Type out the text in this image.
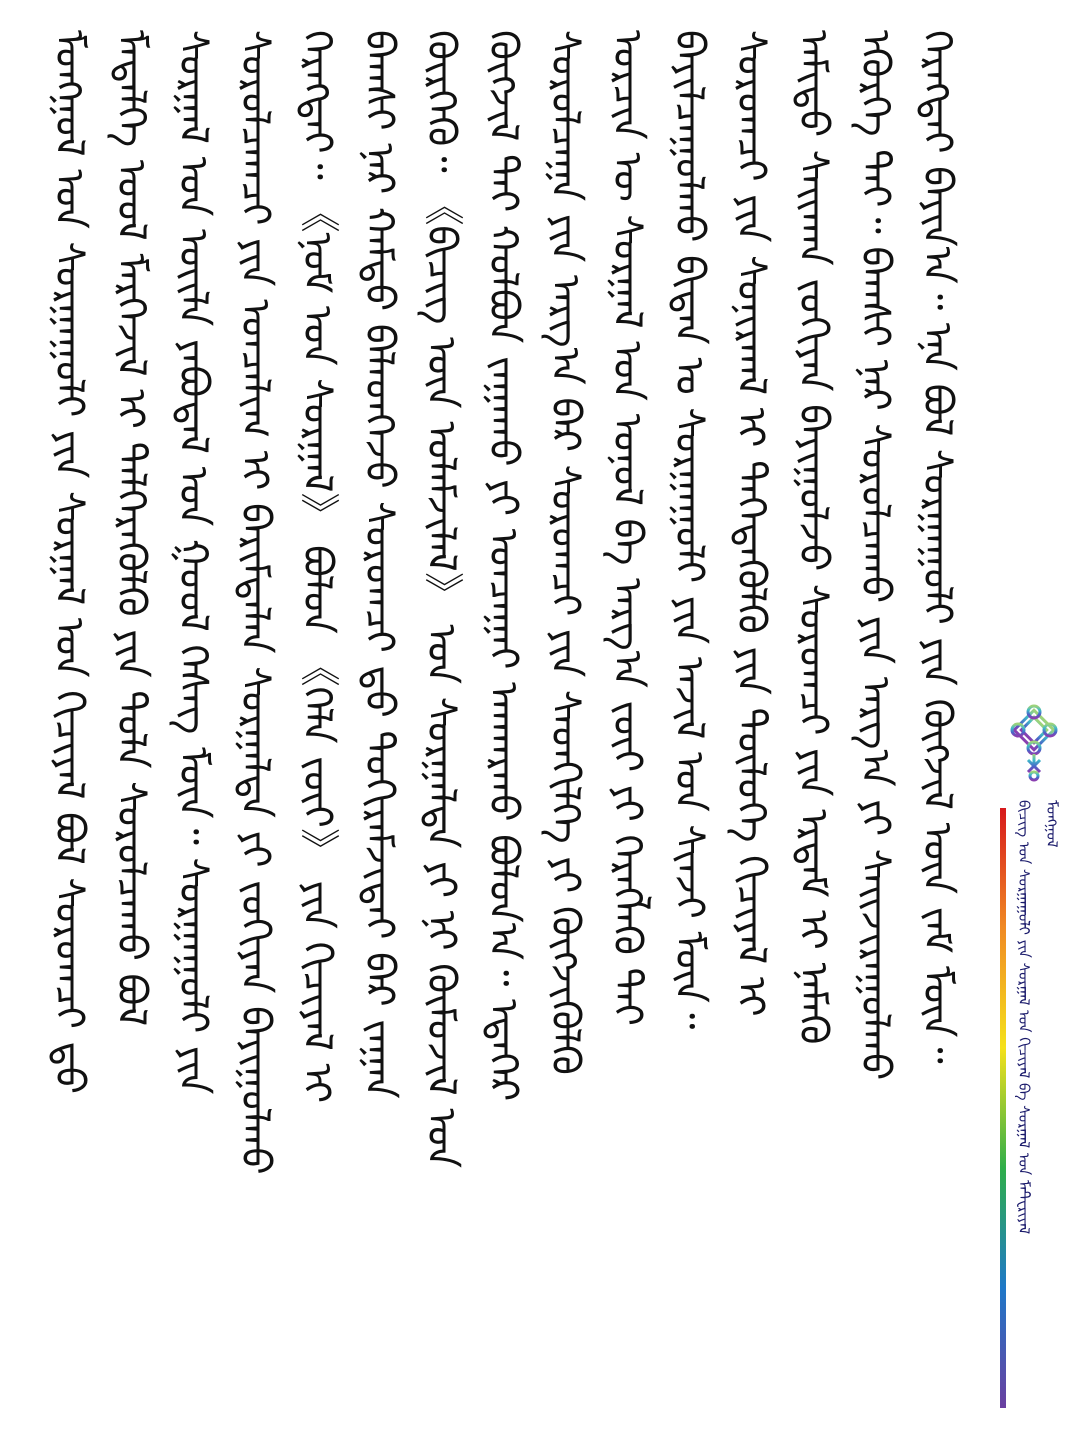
ᠮᠣᠩᠭᠣᠯ
ᠪᠢᠴᠢᠭ ᠤᠨ ᠰᠤᠷᠭᠠᠭᠤᠯᠢ ᠶᠢᠨ ᠰᠤᠷᠭᠠᠯ ᠤᠨ ᠬᠢᠴᠢᠶᠡᠯ ᠪᠠ ᠰᠤᠷᠭᠠᠯ ᠤᠨ ᠮᠠᠲ᠋ᠧᠷᠢᠶᠠᠯ
ᠮᠣᠩᠭᠣᠯ ᠤᠨ ᠰᠤᠷᠭᠠᠭᠤᠯᠢ ᠶᠢᠨ ᠰᠤᠷᠭᠠᠯ ᠤᠨ ᠬᠢᠴᠢᠶᠡᠯ ᠪᠣᠯ ᠰᠤᠷᠤᠭᠴᠢ ᠳ᠋ᠤ ᠮᠡᠳᠡᠯᠭᠡ ᠤᠤᠯ ᠮᠡᠷᠭᠡᠵᠢᠯ ᠢ ᠲᠡᠯᠭᠡᠷᠡᠭᠦᠯᠬᠦ ᠶᠢᠨ ᠳᠤᠯᠠ ᠰᠤᠷᠤᠯᠴᠠᠬᠤ ᠪᠣᠯ ᠰᠤᠷᠭᠠᠯ ᠤᠨ ᠦᠢᠯᠡ ᠶᠠᠪᠤᠳᠠᠯ ᠤᠨ ᠭᠣᠣᠯ ᠬᠡᠰᠡᠭ ᠮᠥᠨ᠃ ᠰᠤᠷᠭᠠᠭᠤᠯᠢ ᠶᠢᠨ ᠰᠤᠷᠤᠯᠴᠠᠭᠴᠢ ᠶᠢᠨ ᠣᠨᠴᠠᠯᠢᠭ ᠢ ᠪᠠᠷᠢᠮᠲᠠᠯᠠᠨ ᠰᠤᠷᠭᠠᠯᠲᠠ ᠶᠢ ᠵᠣᠬᠢᠶᠠᠨ ᠪᠠᠶᠢᠭᠤᠯᠬᠤ ᠬᠡᠷᠡᠭᠲᠡᠢ᠃ 《ᠨᠣᠮ ᠤᠨ ᠰᠤᠷᠭᠠᠯ》 ᠪᠣᠯᠤᠨ 《ᠬᠡᠯᠡ ᠵᠦᠢ》 ᠶᠢᠨ ᠬᠢᠴᠢᠶᠡᠯ ᠢ ᠪᠠᠭᠰᠢ ᠨᠠᠷ ᠬᠠᠮᠲᠤ ᠪᠡᠯᠡᠳᠬᠡᠵᠦ ᠰᠤᠷᠤᠭᠴᠢ ᠳ᠋ᠤ ᠲᠣᠬᠢᠷᠠᠮᠵᠢᠲᠠᠢ ᠪᠠᠷ ᠵᠠᠭᠠᠨ ᠬᠦᠷᠭᠡᠬᠦ᠃ 《ᠪᠢᠴᠢᠭ ᠦᠨ ᠤᠯᠠᠮᠵᠢᠯᠠᠯ》 ᠤᠨ ᠰᠤᠷᠭᠠᠯᠲᠠ ᠶᠢ ᠨᠢ ᠬᠦᠮᠦᠵᠢᠯ ᠤᠨ ᠬᠥᠭᠵᠢᠯ ᠲᠡᠢ ᠬᠣᠯᠪᠣᠨ ᠵᠠᠭᠠᠬᠤ ᠶᠢ ᠣᠨᠴᠠᠭᠠᠢ ᠠᠨᠬᠠᠷᠬᠤ ᠪᠣᠯᠤᠨ᠎ᠠ᠃ ᠡᠳᠡᠭᠡᠷ ᠰᠤᠷᠤᠯᠴᠠᠭᠠ ᠶᠢᠨ ᠠᠷᠭ᠎ᠠ ᠪᠠᠷ ᠰᠤᠷᠤᠭᠴᠢ ᠶᠢᠨ ᠰᠡᠳᠬᠢᠯᠭᠡ ᠶᠢ ᠬᠥᠭᠵᠢᠭᠦᠯᠬᠦ ᠣᠷᠴᠢᠨ ᠦ ᠰᠤᠷᠭᠠᠯ ᠤᠨ ᠣᠨᠣᠯ ᠪᠠ ᠠᠷᠭ᠎ᠠ ᠵᠦᠢ ᠶᠢ ᠬᠡᠷᠡᠭᠯᠡᠬᠦ ᠲᠡᠢ ᠪᠠᠶᠢᠯᠴᠠᠭᠤᠯᠬᠤ ᠪᠢᠳᠡᠨ ᠤ ᠰᠤᠷᠭᠠᠭᠤᠯᠢ ᠶᠢᠨ ᠠᠵᠢᠯ ᠤᠨ ᠰᠢᠨᠵᠢ ᠮᠥᠨ᠃ ᠰᠤᠷᠤᠭᠴᠢ ᠶᠢᠨ ᠰᠣᠨᠢᠷᠬᠠᠯ ᠢ ᠳᠡᠭᠡᠳᠡᠭᠦᠯᠬᠦ ᠶᠢᠨ ᠲᠥᠯᠦᠭᠡ ᠬᠢᠴᠢᠶᠡᠯ ᠢ ᠠᠮᠢᠳᠤ ᠰᠠᠢᠬᠠᠨ ᠵᠣᠬᠢᠶᠠᠨ ᠪᠠᠶᠢᠭᠤᠯᠵᠤ ᠰᠤᠷᠤᠭᠴᠢ ᠶᠢᠨ ᠡᠷᠲᠡᠮ ᠢ ᠨᠡᠮᠡᠬᠦ ᠡᠭᠦᠷᠭᠡ ᠲᠡᠢ᠃ ᠪᠠᠭᠰᠢ ᠨᠠᠷ ᠰᠤᠷᠤᠯᠴᠠᠬᠤ ᠶᠢᠨ ᠠᠷᠭ᠎ᠠ ᠶᠢ ᠰᠠᠢᠵᠢᠷᠠᠭᠤᠯᠬᠤ ᠬᠡᠷᠡᠭᠲᠡᠢ ᠪᠠᠶᠢᠨ᠎ᠠ᠃ ᠡᠨᠡ ᠪᠣᠯ ᠰᠤᠷᠭᠠᠭᠤᠯᠢ ᠶᠢᠨ ᠬᠥᠭᠵᠢᠯ ᠦᠨ ᠵᠠᠮ ᠮᠥᠨ᠃
